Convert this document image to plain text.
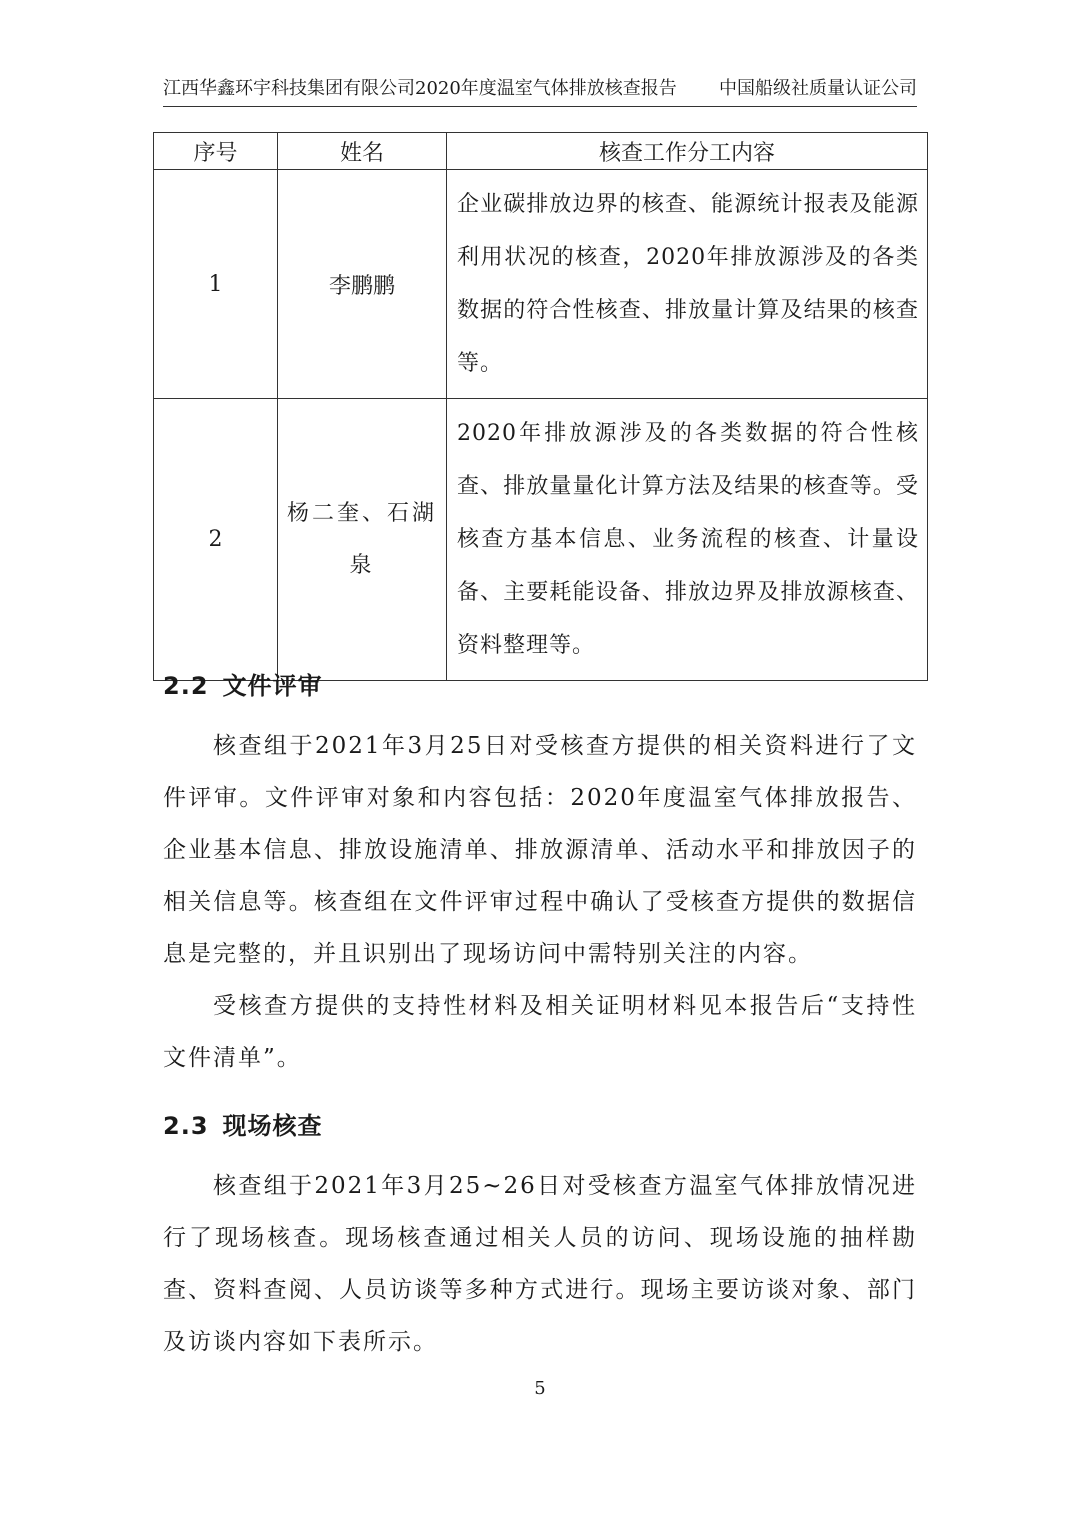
江西华鑫环宇科技集团有限公司2020年度温室气体排放核查报告 中国船级社质量认证公司
序号	姓名	核查工作分工内容
1	李鹏鹏	企业碳排放边界的核查、能源统计报表及能源利用状况的核查，2020年排放源涉及的各类数据的符合性核查、排放量计算及结果的核查等。
2	杨二奎、石湖泉	2020年排放源涉及的各类数据的符合性核查、排放量量化计算方法及结果的核查等。受核查方基本信息、业务流程的核查、计量设备、主要耗能设备、排放边界及排放源核查、资料整理等。
2.2 文件评审

核查组于2021年3月25日对受核查方提供的相关资料进行了文件评审。文件评审对象和内容包括：2020年度温室气体排放报告、企业基本信息、排放设施清单、排放源清单、活动水平和排放因子的相关信息等。核查组在文件评审过程中确认了受核查方提供的数据信息是完整的，并且识别出了现场访问中需特别关注的内容。

受核查方提供的支持性材料及相关证明材料见本报告后“支持性文件清单”。

2.3 现场核查

核查组于2021年3月25~26日对受核查方温室气体排放情况进行了现场核查。现场核查通过相关人员的访问、现场设施的抽样勘查、资料查阅、人员访谈等多种方式进行。现场主要访谈对象、部门及访谈内容如下表所示。

5
